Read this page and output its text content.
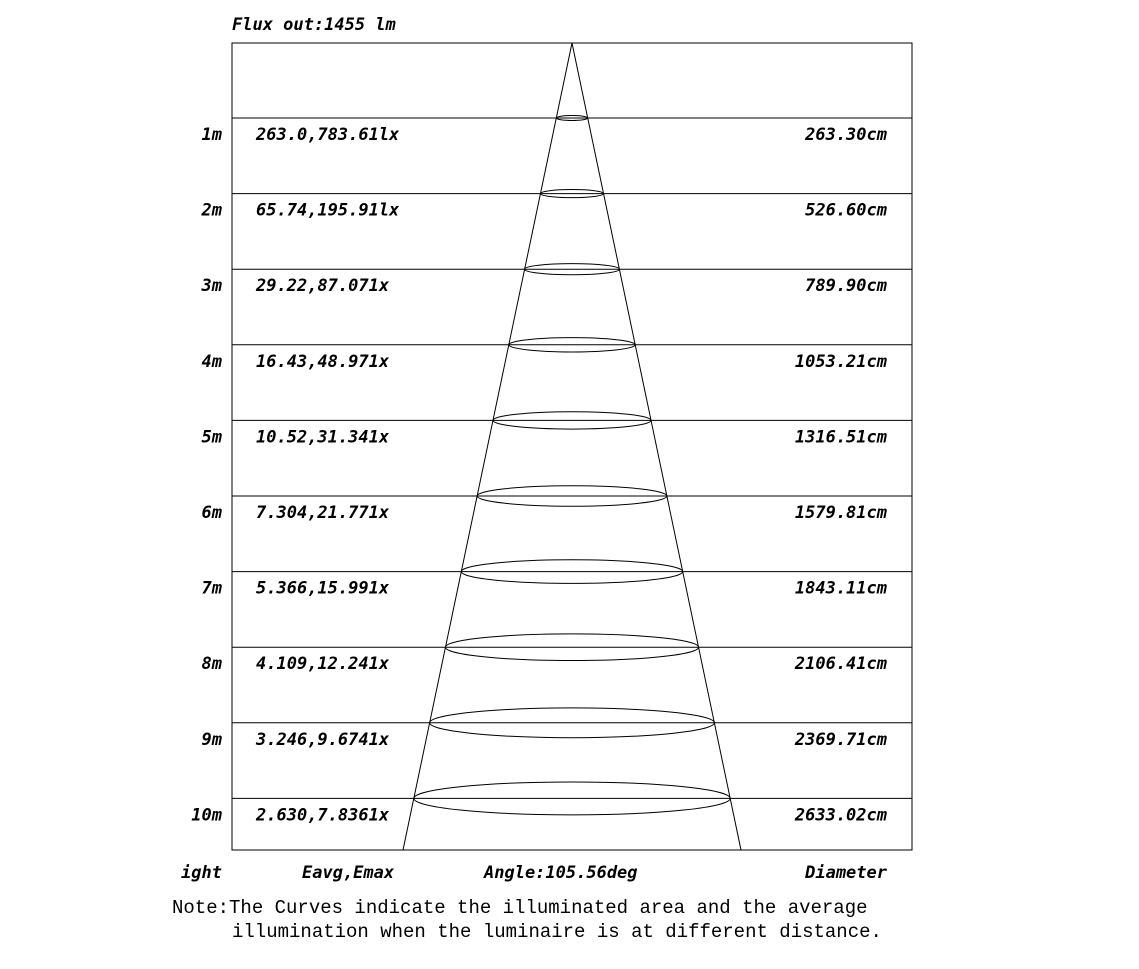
Flux out:1455 lm
1m 263.0,783.61lx	263.30cm
2m 65.74,195.91lx	526.60cm
3m 29.22,87.071x	789.90cm
4m 16.43,48.971x	1053.21cm
5m 10.52,31.341x	1316.51cm
6m 7.304,21.771x	1579.81cm
7m 5.366,15.991x	1843.11cm
8m 4.109,12.241x	2106.41cm
9m 3.246,9.6741x	2369.71cm
10m 2.630,7.8361x	2633.02cm
ight	Eavg,Emax	Angle:105.56deg	Diameter
Note:The Curves indicate the illuminated area and the average
illumination when the luminaire is at different distance.
